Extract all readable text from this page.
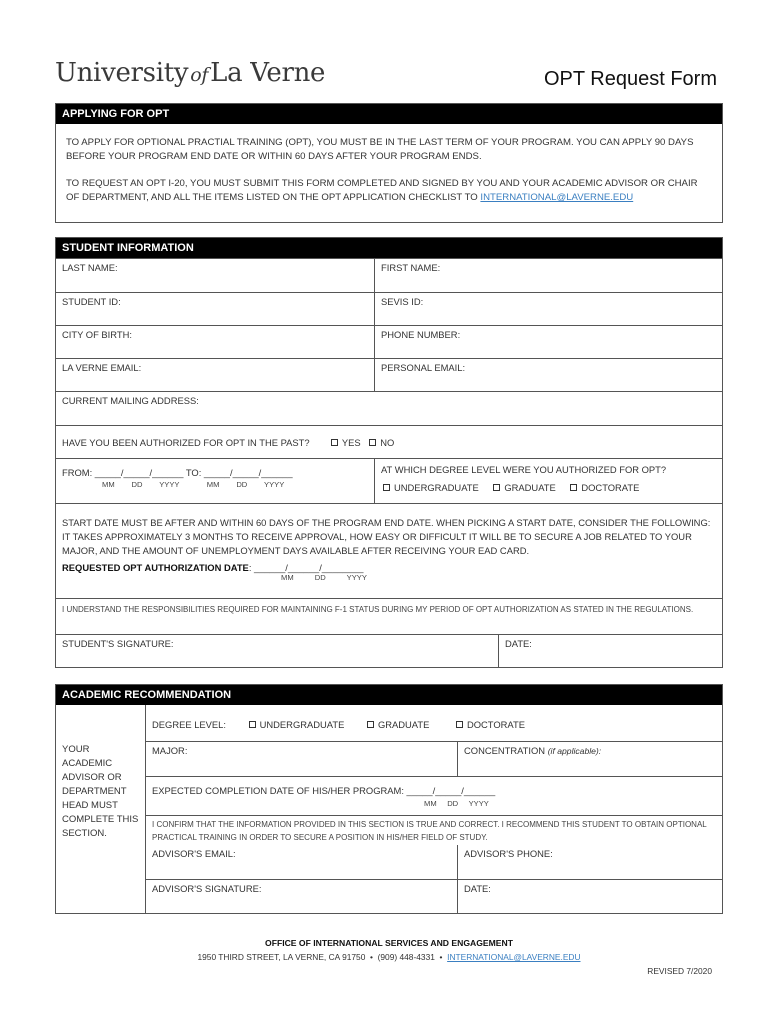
University ofLa Verne	OPT Request Form
APPLYING FOR OPT

TO APPLY FOR OPTIONAL PRACTIAL TRAINING (OPT), YOU MUST BE IN THE LAST TERM OF YOUR PROGRAM. YOU CAN APPLY 90 DAYS BEFORE YOUR PROGRAM END DATE OR WITHIN 60 DAYS AFTER YOUR PROGRAM ENDS.

TO REQUEST AN OPT I-20, YOU MUST SUBMIT THIS FORM COMPLETED AND SIGNED BY YOU AND YOUR ACADEMIC ADVISOR OR CHAIR OF DEPARTMENT, AND ALL THE ITEMS LISTED ON THE OPT APPLICATION CHECKLIST TO INTERNATIONAL@LAVERNE.EDU

STUDENT INFORMATION
LAST NAME:	FIRST NAME:
STUDENT ID:	SEVIS ID:
CITY OF BIRTH:	PHONE NUMBER:
LA VERNE EMAIL:	PERSONAL EMAIL:
CURRENT MAILING ADDRESS:
HAVE YOU BEEN AUTHORIZED FOR OPT IN THE PAST?	YES NO
FROM: _____/_____/______ TO: _____/_____/______
MM        DD        YYYY             MM        DD        YYYY
AT WHICH DEGREE LEVEL WERE YOU AUTHORIZED FOR OPT?
UNDERGRADUATE	GRADUATE	DOCTORATE
START DATE MUST BE AFTER AND WITHIN 60 DAYS OF THE PROGRAM END DATE. WHEN PICKING A START DATE, CONSIDER THE FOLLOWING: IT TAKES APPROXIMATELY 3 MONTHS TO RECEIVE APPROVAL, HOW EASY OR DIFFICULT IT WILL BE TO SECURE A JOB RELATED TO YOUR MAJOR, AND THE AMOUNT OF UNEMPLOYMENT DAYS AVAILABLE AFTER RECEIVING YOUR EAD CARD.
REQUESTED OPT AUTHORIZATION DATE: ______/______/________
MM          DD          YYYY
I UNDERSTAND THE RESPONSIBILITIES REQUIRED FOR MAINTAINING F-1 STATUS DURING MY PERIOD OF OPT AUTHORIZATION AS STATED IN THE REGULATIONS.
STUDENT'S SIGNATURE:	DATE:
ACADEMIC RECOMMENDATION
YOUR ACADEMIC ADVISOR OR DEPARTMENT HEAD MUST COMPLETE THIS SECTION.
DEGREE LEVEL:	UNDERGRADUATE	GRADUATE	DOCTORATE
MAJOR:	CONCENTRATION (if applicable):
EXPECTED COMPLETION DATE OF HIS/HER PROGRAM: _____/_____/______
MM     DD     YYYY
I CONFIRM THAT THE INFORMATION PROVIDED IN THIS SECTION IS TRUE AND CORRECT. I RECOMMEND THIS STUDENT TO OBTAIN OPTIONAL PRACTICAL TRAINING IN ORDER TO SECURE A POSITION IN HIS/HER FIELD OF STUDY.
ADVISOR'S EMAIL:	ADVISOR'S PHONE:
ADVISOR'S SIGNATURE:	DATE:
OFFICE OF INTERNATIONAL SERVICES AND ENGAGEMENT
1950 THIRD STREET, LA VERNE, CA 91750  •  (909) 448-4331  •  INTERNATIONAL@LAVERNE.EDU
REVISED 7/2020
